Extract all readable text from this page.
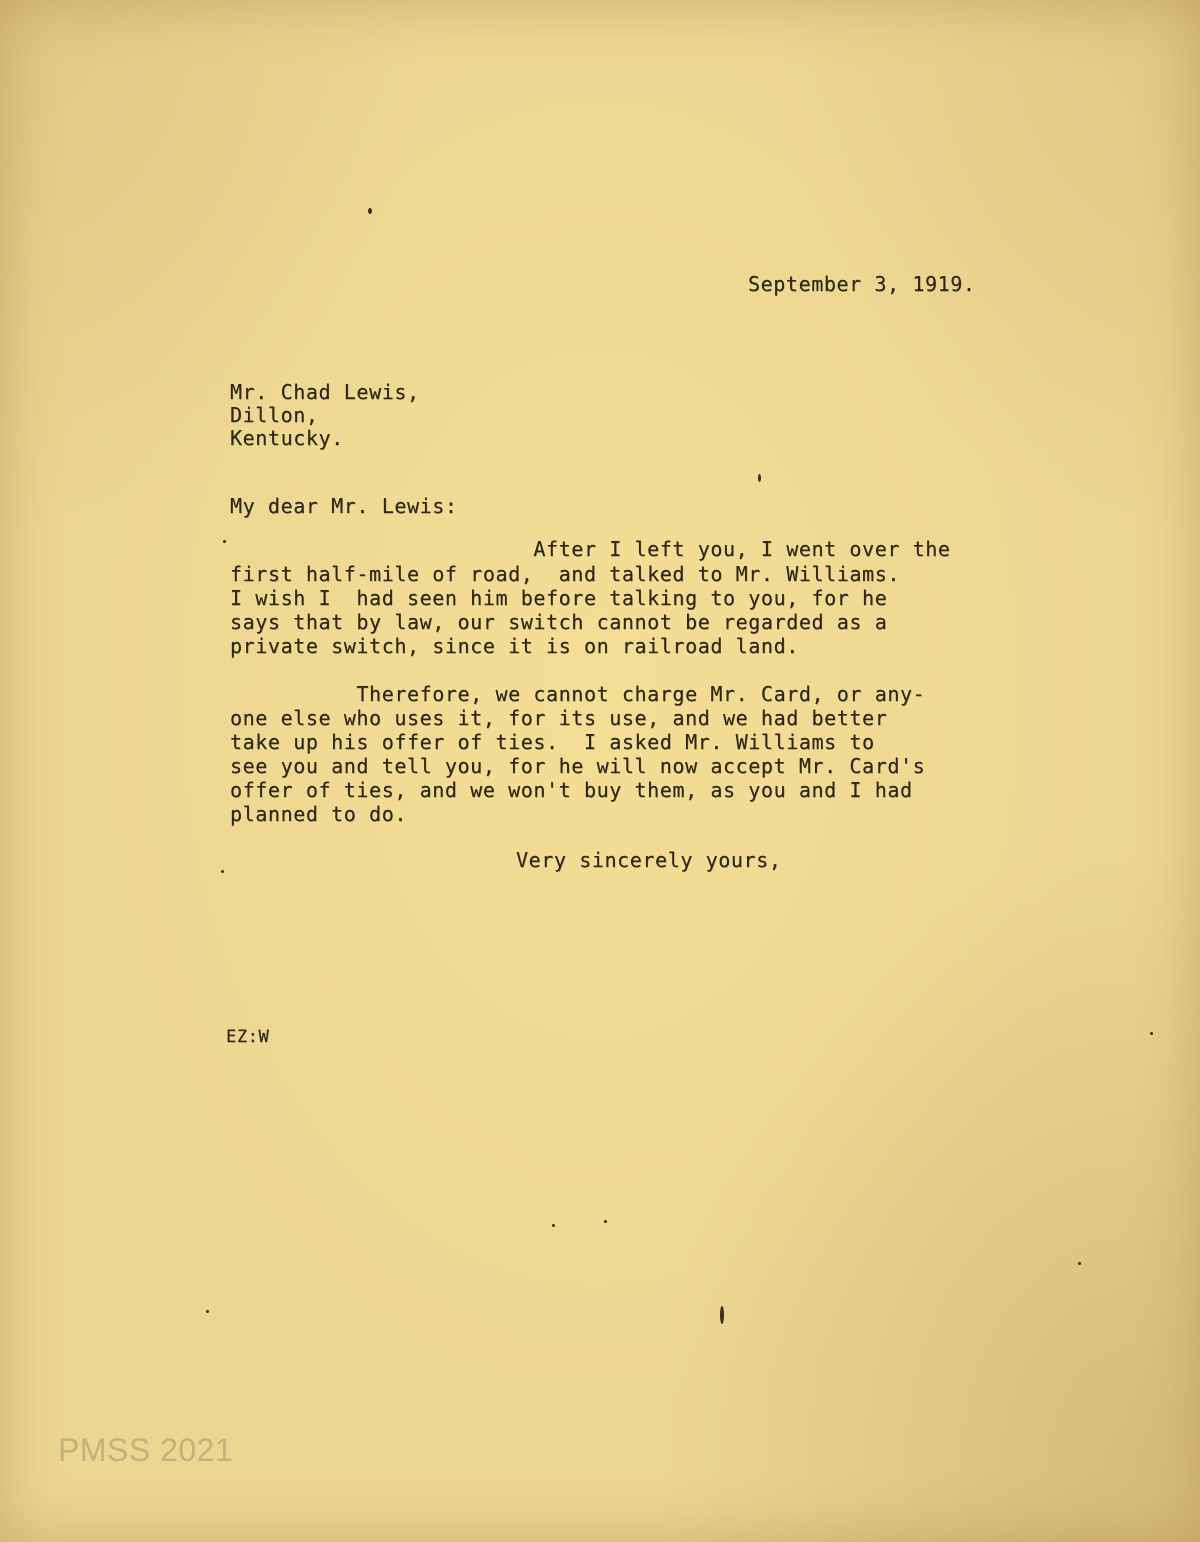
September 3, 1919.
Mr. Chad Lewis,
Dillon,
Kentucky.
My dear Mr. Lewis:
After I left you, I went over the
first half-mile of road,  and talked to Mr. Williams.
I wish I  had seen him before talking to you, for he
says that by law, our switch cannot be regarded as a
private switch, since it is on railroad land.
Therefore, we cannot charge Mr. Card, or any-
one else who uses it, for its use, and we had better
take up his offer of ties.  I asked Mr. Williams to
see you and tell you, for he will now accept Mr. Card's
offer of ties, and we won't buy them, as you and I had
planned to do.
Very sincerely yours,
EZ:W
PMSS 2021
